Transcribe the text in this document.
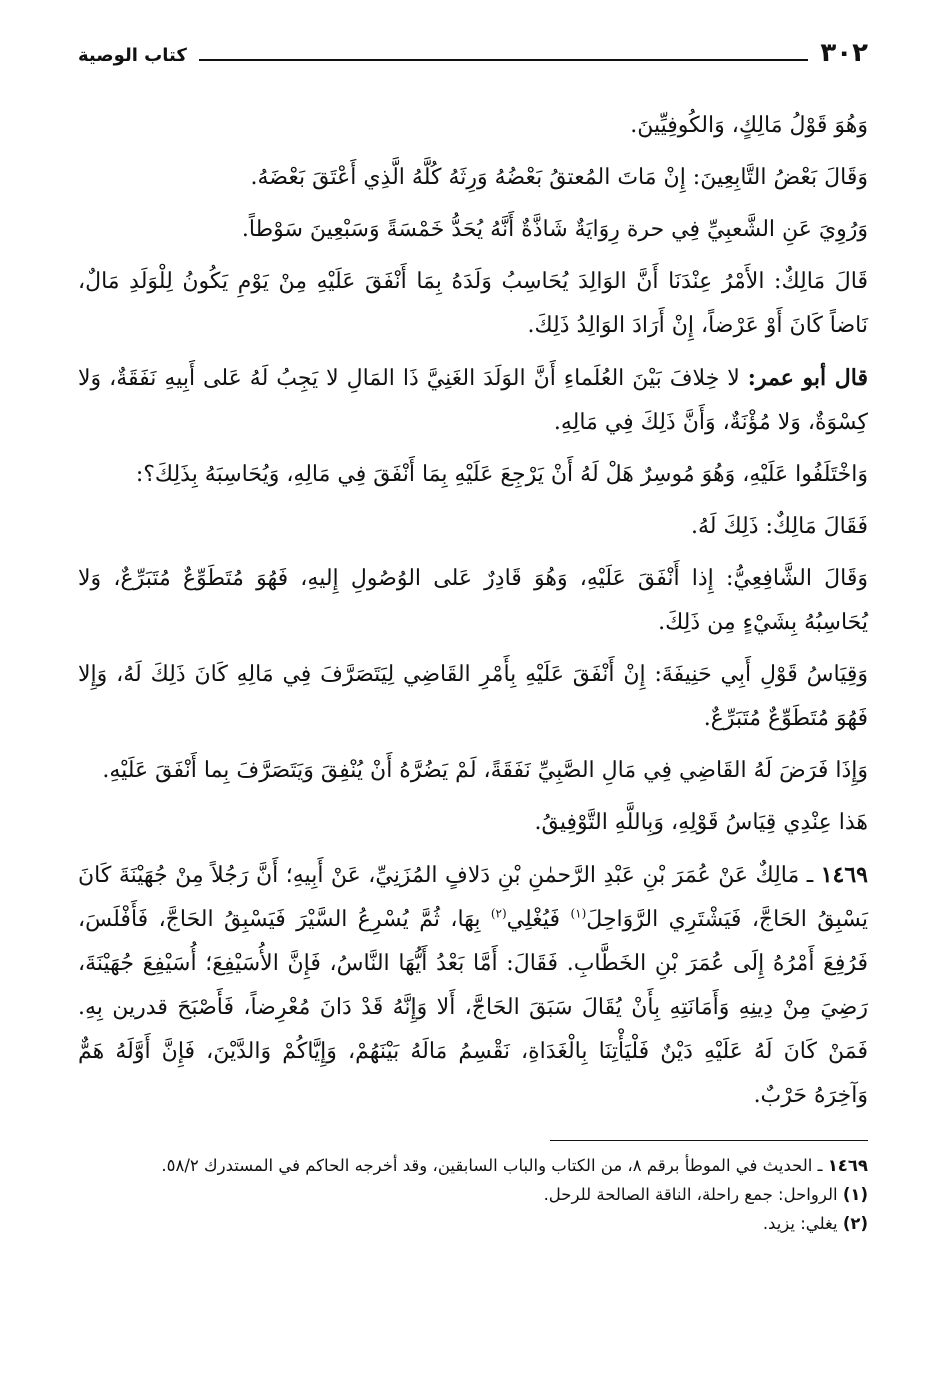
٣٠٢
كتاب الوصية

وَهُوَ قَوْلُ مَالِكٍ، وَالكُوفِيِّينَ.

وَقَالَ بَعْضُ التَّابِعِينَ: إِنْ مَاتَ المُعتقُ بَعْضُهُ وَرِثَهُ كُلَّهُ الَّذِي أَعْتَقَ بَعْضَهُ.

وَرُوِيَ عَنِ الشَّعبِيِّ فِي حرة رِوَايَةٌ شَاذَّةٌ أَنَّهُ يُحَدُّ خَمْسَةً وَسَبْعِينَ سَوْطاً.

قَالَ مَالِكٌ: الأَمْرُ عِنْدَنَا أَنَّ الوَالِدَ يُحَاسِبُ وَلَدَهُ بِمَا أَنْفَقَ عَلَيْهِ مِنْ يَوْمِ يَكُونُ لِلْوَلَدِ مَالٌ، نَاضاً كَانَ أَوْ عَرْضاً، إِنْ أَرَادَ الوَالِدُ ذَلِكَ.

قال أبو عمر: لا خِلافَ بَيْنَ العُلَماءِ أَنَّ الوَلَدَ الغَنِيَّ ذَا المَالِ لا يَجِبُ لَهُ عَلى أَبِيهِ نَفَقَةٌ، وَلا كِسْوَةٌ، وَلا مُؤْنَةٌ، وَأَنَّ ذَلِكَ فِي مَالِهِ.

وَاخْتَلَفُوا عَلَيْهِ، وَهُوَ مُوسِرٌ هَلْ لَهُ أَنْ يَرْجِعَ عَلَيْهِ بِمَا أَنْفَقَ فِي مَالِهِ، وَيُحَاسِبَهُ بِذَلِكَ؟:

فَقَالَ مَالِكٌ: ذَلِكَ لَهُ.

وَقَالَ الشَّافِعِيُّ: إِذا أَنْفَقَ عَلَيْهِ، وَهُوَ قَادِرٌ عَلى الوُصُولِ إِليهِ، فَهُوَ مُتَطَوِّعٌ مُتَبَرِّعٌ، وَلا يُحَاسِبُهُ بِشَيْءٍ مِن ذَلِكَ.

وَقِيَاسُ قَوْلِ أَبِي حَنِيفَةَ: إِنْ أَنْفَقَ عَلَيْهِ بِأَمْرِ القَاضِي لِيَتَصَرَّفَ فِي مَالِهِ كَانَ ذَلِكَ لَهُ، وَإِلا فَهُوَ مُتَطَوِّعٌ مُتَبَرِّعٌ.

وَإِذَا فَرَضَ لَهُ القَاضِي فِي مَالِ الصَّبِيِّ نَفَقَةً، لَمْ يَضُرَّهُ أَنْ يُنْفِقَ وَيَتَصَرَّفَ بِما أَنْفَقَ عَلَيْهِ.

هَذا عِنْدِي قِيَاسُ قَوْلِهِ، وَبِاللَّهِ التَّوْفِيقُ.

١٤٦٩ ـ مَالِكٌ عَنْ عُمَرَ بْنِ عَبْدِ الرَّحمٰنِ بْنِ دَلافٍ المُزَنِيِّ، عَنْ أَبِيهِ؛ أَنَّ رَجُلاً مِنْ جُهَيْنَةَ كَانَ يَسْبِقُ الحَاجَّ، فَيَشْتَرِي الرَّوَاحِلَ$^{(١)}$ فَيُغْلِي$^{(٢)}$ بِهَا، ثُمَّ يُسْرِعُ السَّيْرَ فَيَسْبِقُ الحَاجَّ، فَأَفْلَسَ، فَرُفِعَ أَمْرُهُ إِلَى عُمَرَ بْنِ الخَطَّابِ. فَقَالَ: أَمَّا بَعْدُ أَيُّهَا النَّاسُ، فَإِنَّ الأُسَيْفِعَ؛ أُسَيْفِعَ جُهَيْنَةَ، رَضِيَ مِنْ دِينِهِ وَأَمَانَتِهِ بِأَنْ يُقَالَ سَبَقَ الحَاجَّ، أَلا وَإِنَّهُ قَدْ دَانَ مُعْرِضاً، فَأَصْبَحَ قدرين بِهِ. فَمَنْ كَانَ لَهُ عَلَيْهِ دَيْنٌ فَلْيَأْتِنَا بِالْغَدَاةِ، نَقْسِمُ مَالَهُ بَيْنَهُمْ، وَإِيَّاكُمْ وَالدَّيْنَ، فَإِنَّ أَوَّلَهُ هَمٌّ وَآخِرَهُ حَرْبٌ.

١٤٦٩ ـ الحديث في الموطأ برقم ٨، من الكتاب والباب السابقين، وقد أخرجه الحاكم في المستدرك ٥٨/٢.

(١) الرواحل: جمع راحلة، الناقة الصالحة للرحل.

(٢) يغلي: يزيد.
